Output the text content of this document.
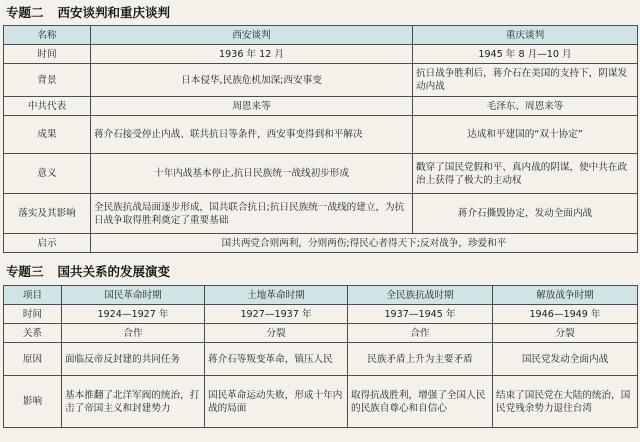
专题二 西安谈判和重庆谈判
名称	西安谈判	重庆谈判
时间	1936 年 12 月	1945 年 8 月—10 月
背景	日本侵华,民族危机加深;西安事变	抗日战争胜利后，蒋介石在美国的支持下，阴谋发动内战
中共代表	周恩来等	毛泽东、周恩来等
成果	蒋介石接受停止内战、联共抗日等条件，西安事变得到和平解决	达成和平建国的“双十协定”
意义	十年内战基本停止,抗日民族统一战线初步形成	戳穿了国民党假和平、真内战的阴谋，使中共在政治上获得了极大的主动权
落实及其影响	全民族抗战局面逐步形成，国共联合抗日;抗日民族统一战线的建立，为抗日战争取得胜利奠定了重要基础	蒋介石撕毁协定，发动全面内战
启示	国共两党合则两利，分则两伤;得民心者得天下;反对战争，珍爱和平	
专题三 国共关系的发展演变
项目	国民革命时期	土地革命时期	全民族抗战时期	解放战争时期
时间	1924—1927 年	1927—1937 年	1937—1945 年	1946—1949 年
关系	合作	分裂	合作	分裂
原因	面临反帝反封建的共同任务	蒋介石等叛变革命，镇压人民	民族矛盾上升为主要矛盾	国民党发动全面内战
影响	基本推翻了北洋军阀的统治，打击了帝国主义和封建势力	国民革命运动失败，形成十年内战的局面	取得抗战胜利，增强了全国人民的民族自尊心和自信心	结束了国民党在大陆的统治，国民党残余势力退往台湾
